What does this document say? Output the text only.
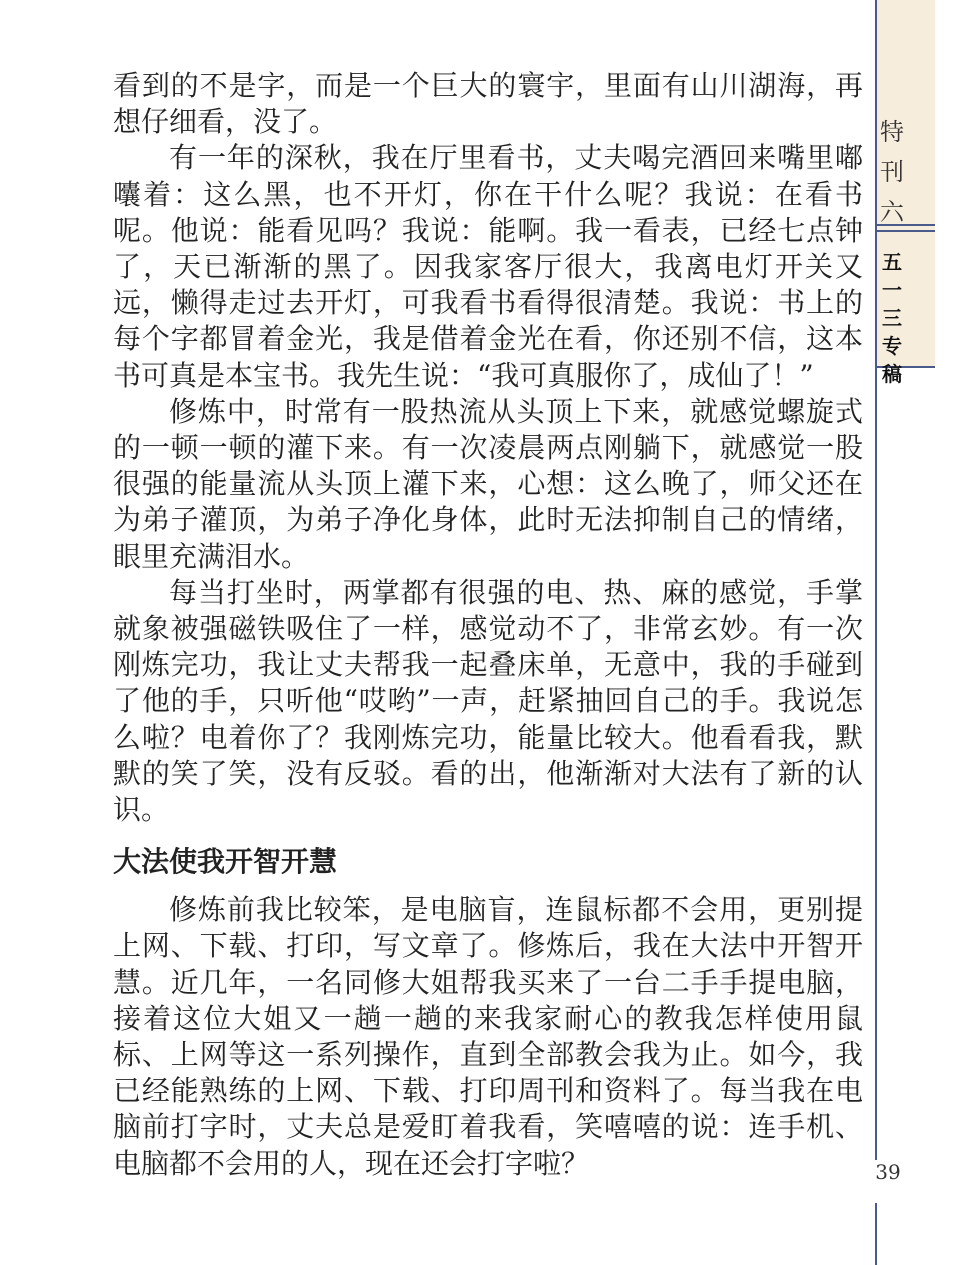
特
刊
六
五
一
三
专
稿

看到的不是字，而是一个巨大的寰宇，里面有山川湖海，再想仔细看，没了。

有一年的深秋，我在厅里看书，丈夫喝完酒回来嘴里嘟囔着：这么黑，也不开灯，你在干什么呢？我说：在看书呢。他说：能看见吗？我说：能啊。我一看表，已经七点钟了，天已渐渐的黑了。因我家客厅很大，我离电灯开关又远，懒得走过去开灯，可我看书看得很清楚。我说：书上的每个字都冒着金光，我是借着金光在看，你还别不信，这本书可真是本宝书。我先生说：“我可真服你了，成仙了！”

修炼中，时常有一股热流从头顶上下来，就感觉螺旋式的一顿一顿的灌下来。有一次凌晨两点刚躺下，就感觉一股很强的能量流从头顶上灌下来，心想：这么晚了，师父还在为弟子灌顶，为弟子净化身体，此时无法抑制自己的情绪，眼里充满泪水。

每当打坐时，两掌都有很强的电、热、麻的感觉，手掌就象被强磁铁吸住了一样，感觉动不了，非常玄妙。有一次刚炼完功，我让丈夫帮我一起叠床单，无意中，我的手碰到了他的手，只听他“哎哟”一声，赶紧抽回自己的手。我说怎么啦？电着你了？我刚炼完功，能量比较大。他看看我，默默的笑了笑，没有反驳。看的出，他渐渐对大法有了新的认识。

大法使我开智开慧

修炼前我比较笨，是电脑盲，连鼠标都不会用，更别提上网、下载、打印，写文章了。修炼后，我在大法中开智开慧。近几年，一名同修大姐帮我买来了一台二手手提电脑，接着这位大姐又一趟一趟的来我家耐心的教我怎样使用鼠标、上网等这一系列操作，直到全部教会我为止。如今，我已经能熟练的上网、下载、打印周刊和资料了。每当我在电脑前打字时，丈夫总是爱盯着我看，笑嘻嘻的说：连手机、电脑都不会用的人，现在还会打字啦？	39
